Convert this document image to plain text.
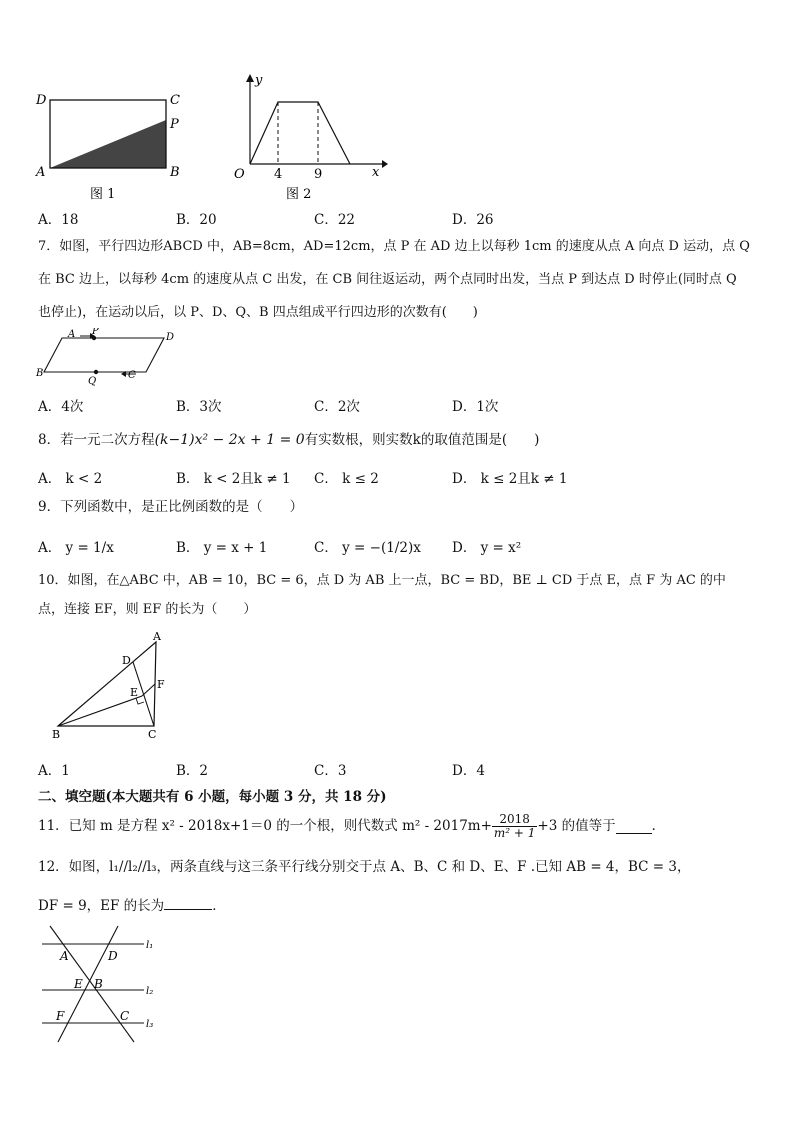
D	C
P
A	B
图 1
y
x
O 4 9
图 2
A．18	B．20	C．22	D．26
7．如图，平行四边形ABCD 中，AB=8cm，AD=12cm，点 P 在 AD 边上以每秒 1cm 的速度从点 A 向点 D 运动，点 Q
在 BC 边上，以每秒 4cm 的速度从点 C 出发，在 CB 间往返运动，两个点同时出发，当点 P 到达点 D 时停止(同时点 Q
也停止)，在运动以后，以 P、D、Q、B 四点组成平行四边形的次数有(　　)
A P
D
B
Q
C
A．4次	B．3次	C．2次	D．1次
8．若一元二次方程(k−1)x² − 2x + 1 = 0有实数根，则实数k的取值范围是(　　)
A． k < 2	B． k < 2且k ≠ 1 C． k ≤ 2	D． k ≤ 2且k ≠ 1
9．下列函数中，是正比例函数的是（　　）
A． y = 1/x	B． y = x + 1	C． y = −(1/2)x D． y = x²
10．如图，在△ABC 中，AB = 10，BC = 6，点 D 为 AB 上一点，BC = BD，BE ⊥ CD 于点 E，点 F 为 AC 的中
点，连接 EF，则 EF 的长为（　　）
A
D
E
F
B	C
A．1	B．2	C．3	D．4
二、填空题(本大题共有 6 小题，每小题 3 分，共 18 分)
11．已知 m 是方程 x² - 2018x+1＝0 的一个根，则代数式 $m^2 - 2017m+ \frac{2018}{\text{m² + 1}} +3$ 的值等于	．
12．如图，l₁//l₂//l₃，两条直线与这三条平行线分别交于点 A、B、C 和 D、E、F .已知 AB = 4，BC = 3，
DF = 9，EF 的长为	．
l₁
l₂
l₃
A	D
E B
F	C
